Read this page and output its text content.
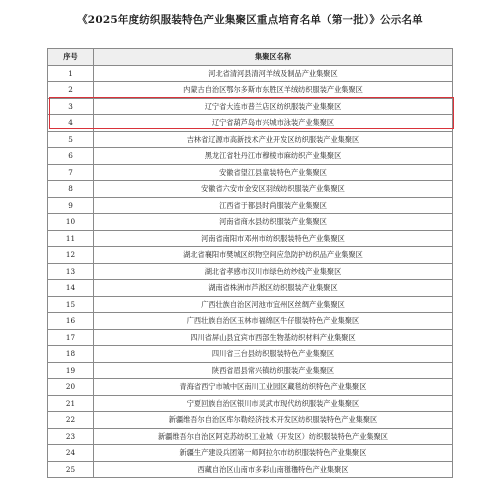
《2025年度纺织服装特色产业集聚区重点培育名单（第一批）》公示名单
序号	集聚区名称
1	河北省清河县清河羊绒及制品产业集聚区
2	内蒙古自治区鄂尔多斯市东胜区羊绒纺织服装产业集聚区
3	辽宁省大连市普兰店区纺织服装产业集聚区
4	辽宁省葫芦岛市兴城市泳装产业集聚区
5	吉林省辽源市高新技术产业开发区纺织服装产业集聚区
6	黑龙江省牡丹江市穆棱市麻纺织产业集聚区
7	安徽省望江县童装特色产业集聚区
8	安徽省六安市金安区羽绒纺织服装产业集聚区
9	江西省于都县时尚服装产业集聚区
10	河南省商水县纺织服装产业集聚区
11	河南省南阳市邓州市纺织服装特色产业集聚区
12	湖北省襄阳市樊城区织物空间应急防护纺织品产业集聚区
13	湖北省孝感市汉川市绿色纺纱线产业集聚区
14	湖南省株洲市芦淞区纺织服装产业集聚区
15	广西壮族自治区河池市宜州区丝绸产业集聚区
16	广西壮族自治区玉林市福绵区牛仔服装特色产业集聚区
17	四川省屏山县宜宾市西部生物基纺织材料产业集聚区
18	四川省三台县纺织服装特色产业集聚区
19	陕西省眉县常兴镇纺织服装产业集聚区
20	青海省西宁市城中区南川工业园区藏毯纺织特色产业集聚区
21	宁夏回族自治区银川市灵武市现代纺织服装产业集聚区
22	新疆维吾尔自治区库尔勒经济技术开发区纺织服装特色产业集聚区
23	新疆维吾尔自治区阿克苏纺织工业城（开发区）纺织服装特色产业集聚区
24	新疆生产建设兵团第一师阿拉尔市纺织服装特色产业集聚区
25	西藏自治区山南市多彩山南氆氇特色产业集聚区
